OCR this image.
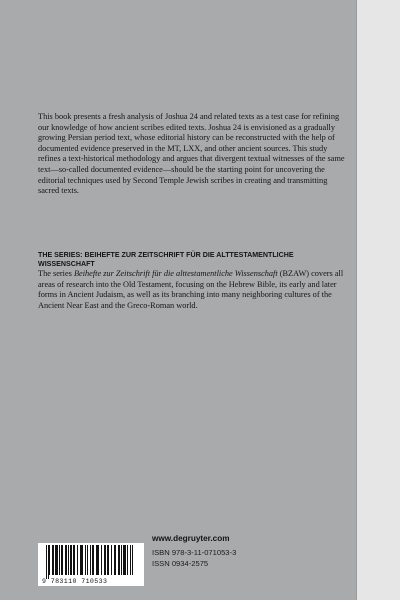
This book presents a fresh analysis of Joshua 24 and related texts as a test case for refining our knowledge of how ancient scribes edited texts. Joshua 24 is envisioned as a gradually growing Persian period text, whose editorial history can be reconstructed with the help of documented evidence preserved in the MT, LXX, and other ancient sources. This study refines a text-historical methodology and argues that divergent textual witnesses of the same text—so-called documented evidence—should be the starting point for uncovering the editorial techniques used by Second Temple Jewish scribes in creating and transmitting sacred texts.

THE SERIES: BEIHEFTE ZUR ZEITSCHRIFT FÜR DIE ALTTESTAMENTLICHE WISSENSCHAFT

The series Beihefte zur Zeitschrift für die alttestamentliche Wissenschaft (BZAW) covers all areas of research into the Old Testament, focusing on the Hebrew Bible, its early and later forms in Ancient Judaism, as well as its branching into many neighboring cultures of the Ancient Near East and the Greco-Roman world.

9 783110 710533
www.degruyter.com
ISBN 978-3-11-071053-3
ISSN 0934-2575
